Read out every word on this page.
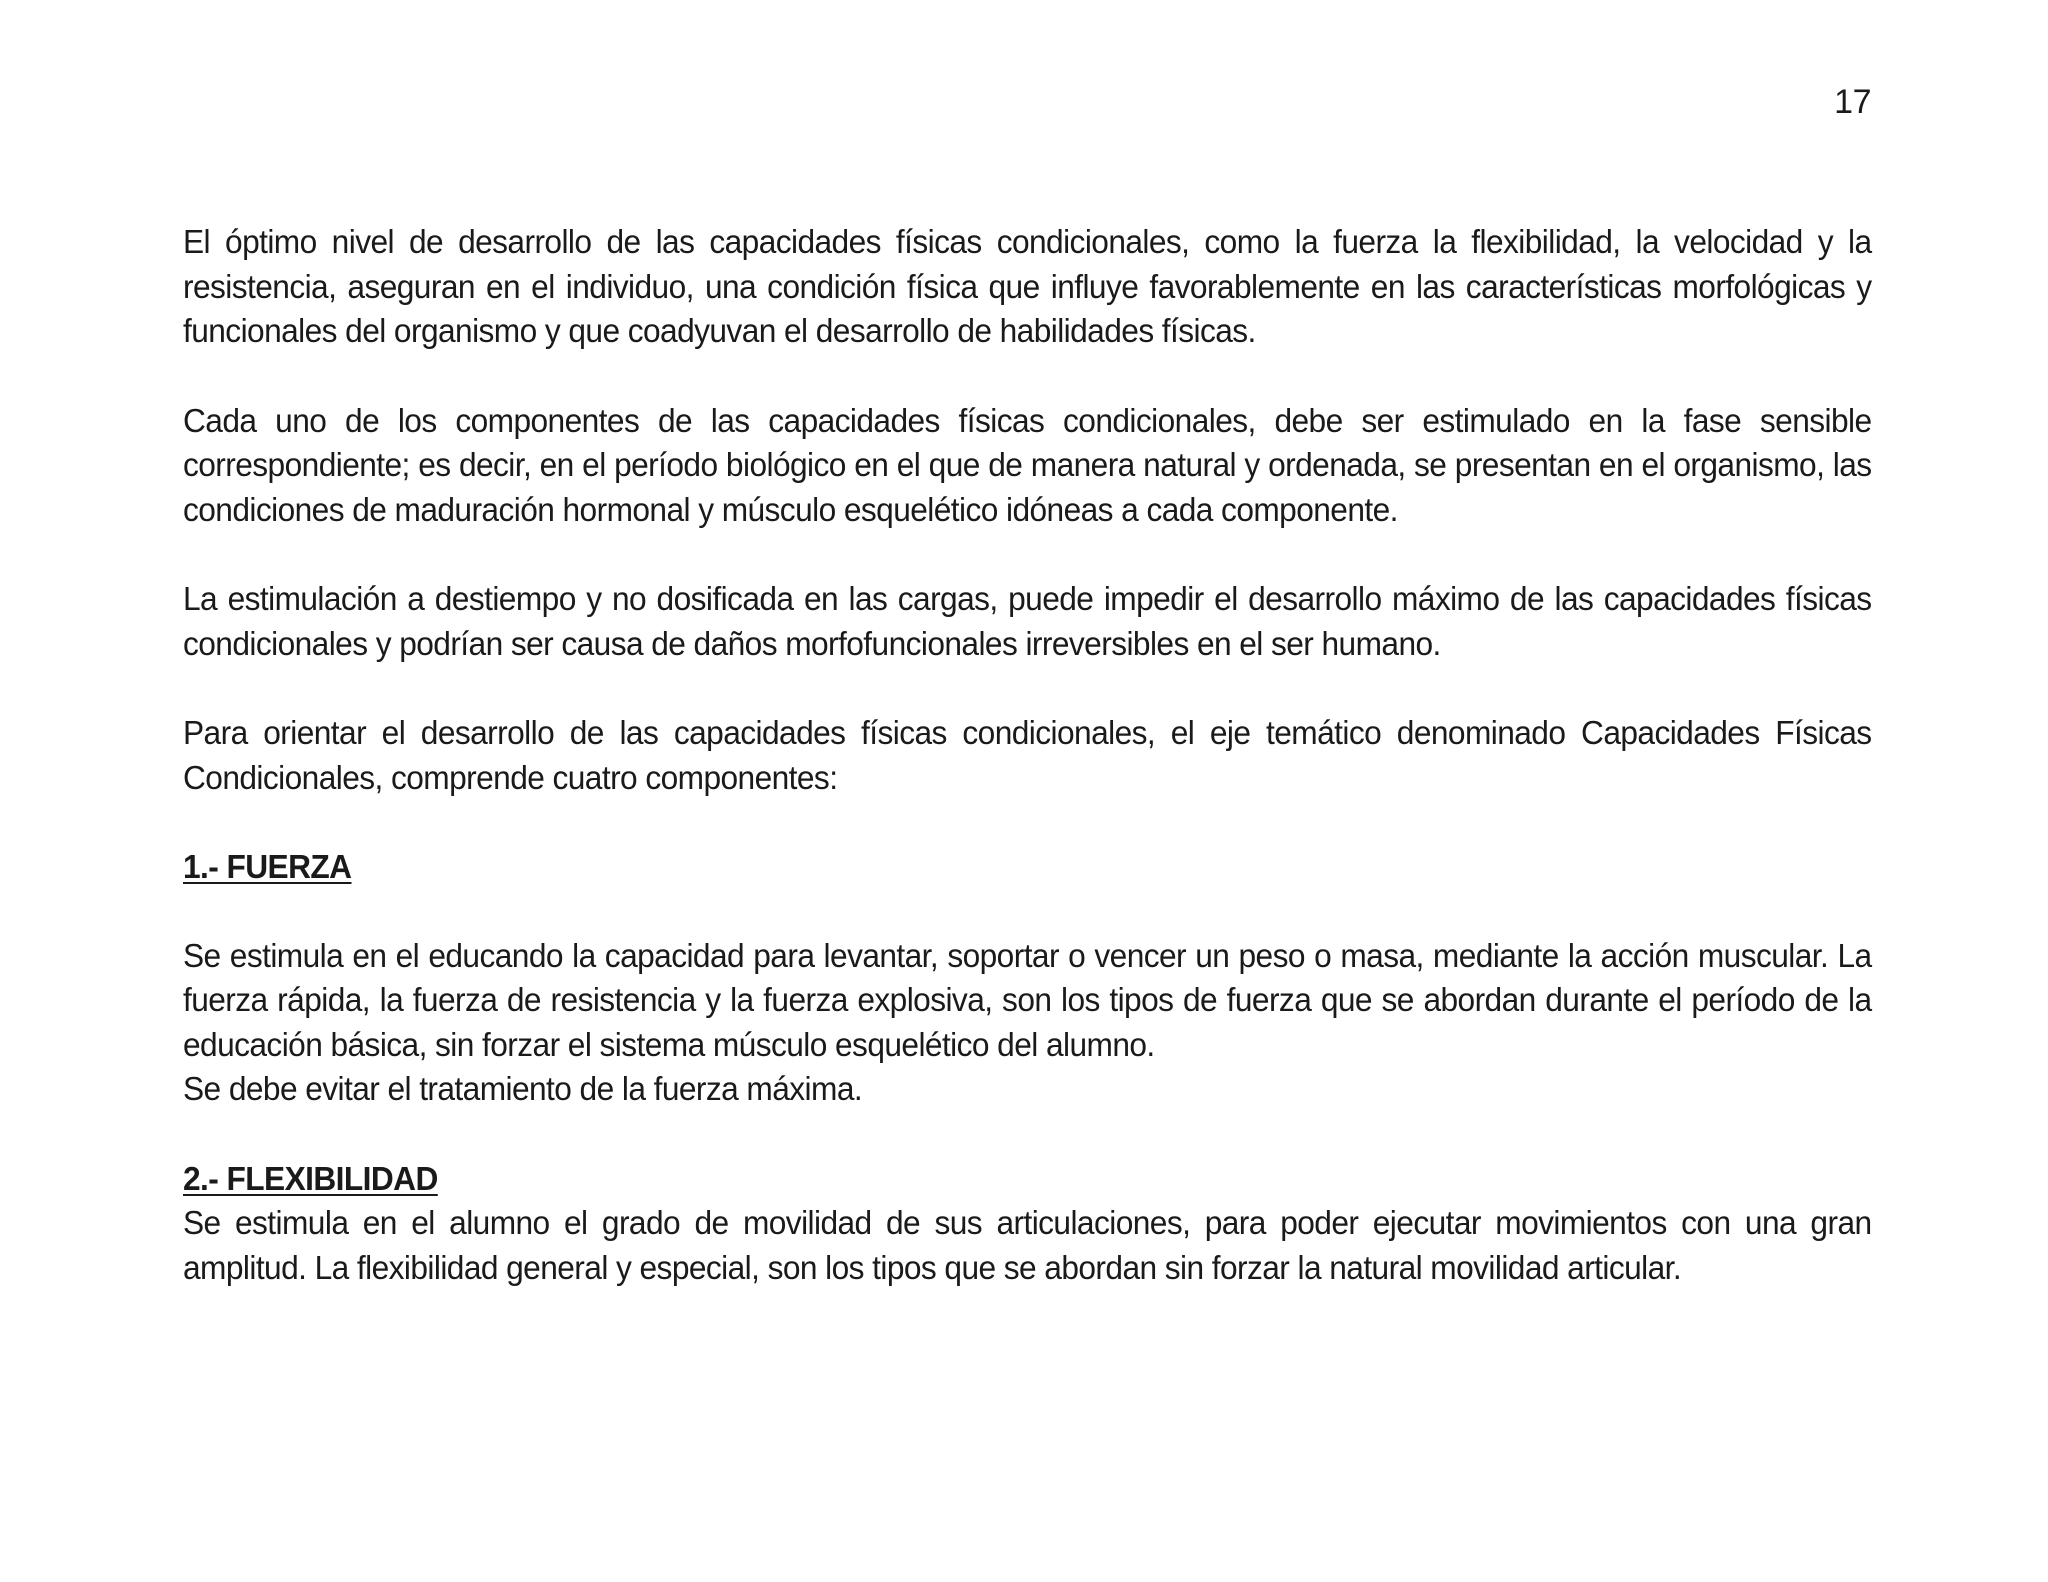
17

El óptimo nivel de desarrollo de las capacidades físicas condicionales, como la fuerza la flexibilidad, la velocidad y la resistencia, aseguran en el individuo, una condición física que influye favorablemente en las características morfológicas y funcionales del organismo y que coadyuvan el desarrollo de habilidades físicas.

Cada uno de los componentes de las capacidades físicas condicionales, debe ser estimulado en la fase sensible correspondiente; es decir, en el período biológico en el que de manera natural y ordenada, se presentan en el organismo, las condiciones de maduración hormonal y músculo esquelético idóneas a cada componente.

La estimulación a destiempo y no dosificada en las cargas, puede impedir el desarrollo máximo de las capacidades físicas condicionales y podrían ser causa de daños morfofuncionales irreversibles en el ser humano.

Para orientar el desarrollo de las capacidades físicas condicionales, el eje temático denominado Capacidades Físicas Condicionales, comprende cuatro componentes:

1.- FUERZA

Se estimula en el educando la capacidad para levantar, soportar o vencer un peso o masa, mediante la acción muscular. La fuerza rápida, la fuerza de resistencia y la fuerza explosiva, son los tipos de fuerza que se abordan durante el período de la educación básica, sin forzar el sistema músculo esquelético del alumno.

Se debe evitar el tratamiento de la fuerza máxima.

2.- FLEXIBILIDAD

Se estimula en el alumno el grado de movilidad de sus articulaciones, para poder ejecutar movimientos con una gran amplitud. La flexibilidad general y especial, son los tipos que se abordan sin forzar la natural movilidad articular.
